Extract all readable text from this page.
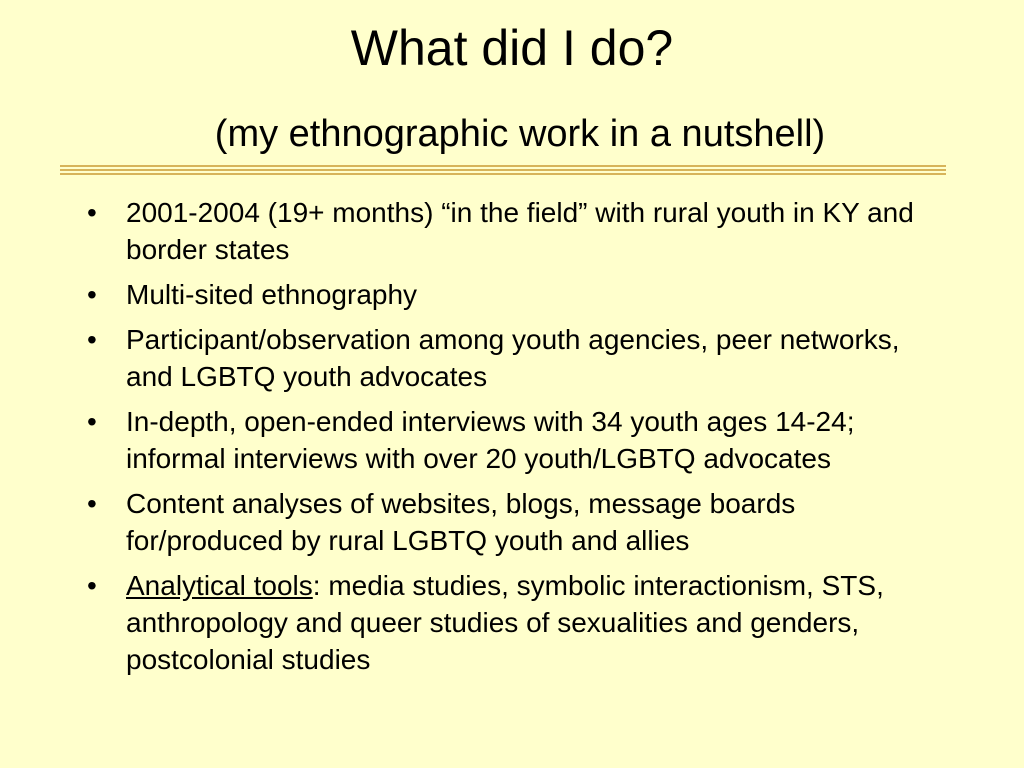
What did I do?
(my ethnographic work in a nutshell)
•	2001-2004 (19+ months) “in the field” with rural youth in KY and border states
•	Multi-sited ethnography
•	Participant/observation among youth agencies, peer networks, and LGBTQ youth advocates
•	In-depth, open-ended interviews with 34 youth ages 14-24; informal interviews with over 20 youth/LGBTQ advocates
•	Content analyses of websites, blogs, message boards for/produced by rural LGBTQ youth and allies
•	Analytical tools: media studies, symbolic interactionism, STS, anthropology and queer studies of sexualities and genders, postcolonial studies
